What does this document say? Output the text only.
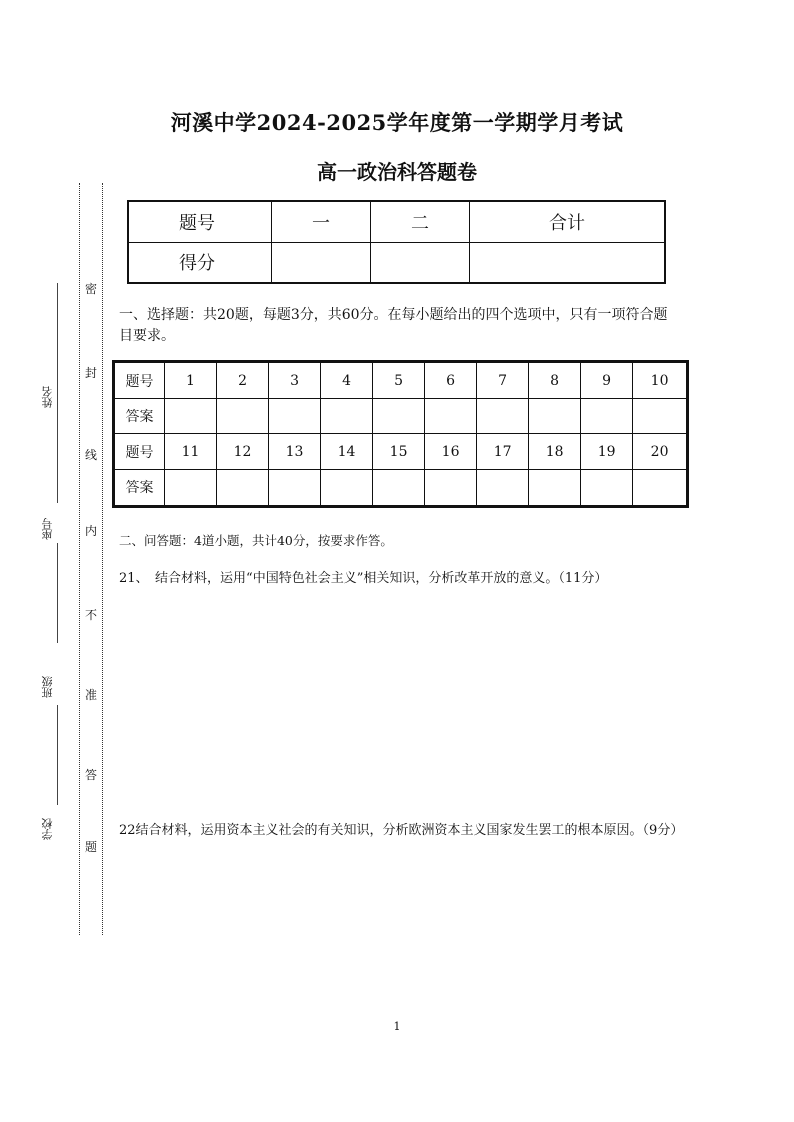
河溪中学2024-2025学年度第一学期学月考试
高一政治科答题卷
姓名
座号
班级
学校
密
封
线
内
不
准
答
题
题号	一	二	合计
得分			
一、选择题：共20题，每题3分，共60分。在每小题给出的四个选项中，只有一项符合题目要求。
题号	1	2	3	4	5	6	7	8	9	10
答案										
题号	11	12	13	14	15	16	17	18	19	20
答案										
二、问答题：4道小题，共计40分，按要求作答。
21、　结合材料，运用“中国特色社会主义”相关知识，分析改革开放的意义。（11分）
22结合材料，运用资本主义社会的有关知识，分析欧洲资本主义国家发生罢工的根本原因。（9分）
1
